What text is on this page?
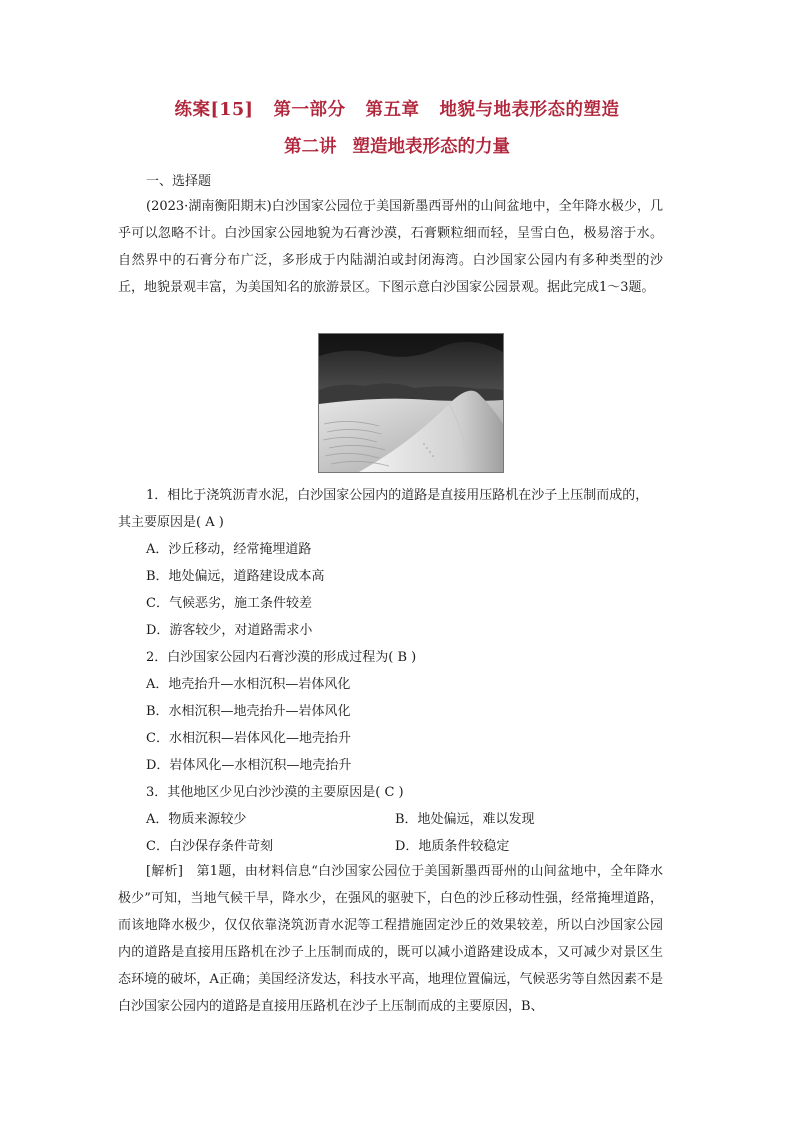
练案[15] 第一部分 第五章 地貌与地表形态的塑造
第二讲 塑造地表形态的力量
一、选择题
(2023·湖南衡阳期末)白沙国家公园位于美国新墨西哥州的山间盆地中，全年降水极少，几乎可以忽略不计。白沙国家公园地貌为石膏沙漠，石膏颗粒细而轻，呈雪白色，极易溶于水。自然界中的石膏分布广泛，多形成于内陆湖泊或封闭海湾。白沙国家公园内有多种类型的沙丘，地貌景观丰富，为美国知名的旅游景区。下图示意白沙国家公园景观。据此完成1～3题。
1．相比于浇筑沥青水泥，白沙国家公园内的道路是直接用压路机在沙子上压制而成的，
其主要原因是( A )
A．沙丘移动，经常掩埋道路
B．地处偏远，道路建设成本高
C．气候恶劣，施工条件较差
D．游客较少，对道路需求小
2．白沙国家公园内石膏沙漠的形成过程为( B )
A．地壳抬升—水相沉积—岩体风化
B．水相沉积—地壳抬升—岩体风化
C．水相沉积—岩体风化—地壳抬升
D．岩体风化—水相沉积—地壳抬升
3．其他地区少见白沙沙漠的主要原因是( C )
A．物质来源较少	B．地处偏远，难以发现
C．白沙保存条件苛刻	D．地质条件较稳定
[解析]　第1题，由材料信息“白沙国家公园位于美国新墨西哥州的山间盆地中，全年降水极少”可知，当地气候干旱，降水少，在强风的驱驶下，白色的沙丘移动性强，经常掩埋道路，而该地降水极少，仅仅依靠浇筑沥青水泥等工程措施固定沙丘的效果较差，所以白沙国家公园内的道路是直接用压路机在沙子上压制而成的，既可以减小道路建设成本，又可减少对景区生态环境的破坏，A正确；美国经济发达，科技水平高，地理位置偏远，气候恶劣等自然因素不是白沙国家公园内的道路是直接用压路机在沙子上压制而成的主要原因，B、
